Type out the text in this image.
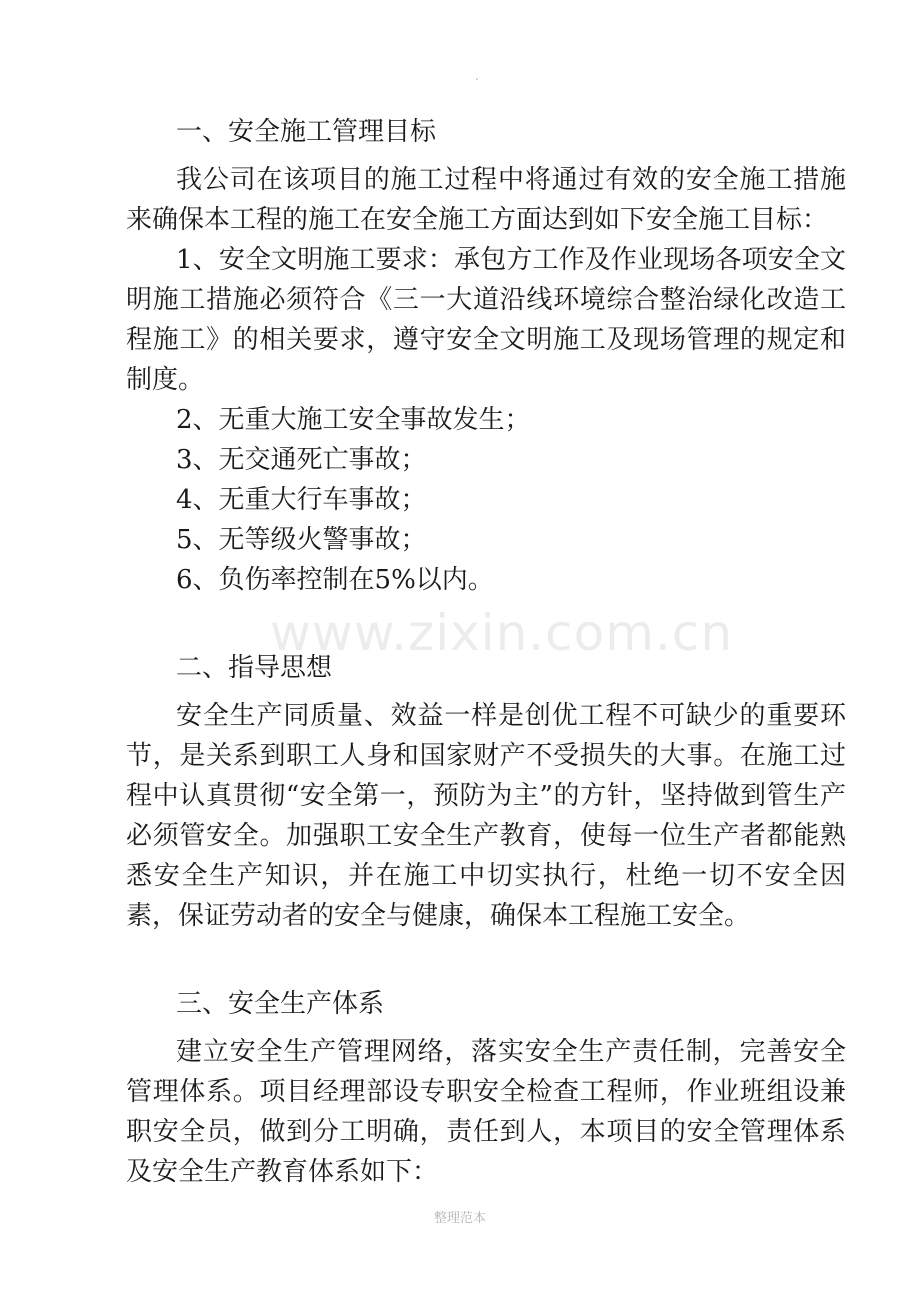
一、安全施工管理目标

我公司在该项目的施工过程中将通过有效的安全施工措施来确保本工程的施工在安全施工方面达到如下安全施工目标：

1、安全文明施工要求：承包方工作及作业现场各项安全文明施工措施必须符合《三一大道沿线环境综合整治绿化改造工程施工》的相关要求，遵守安全文明施工及现场管理的规定和制度。

2、无重大施工安全事故发生；

3、无交通死亡事故；

4、无重大行车事故；

5、无等级火警事故；

6、负伤率控制在5%以内。

二、指导思想

安全生产同质量、效益一样是创优工程不可缺少的重要环节，是关系到职工人身和国家财产不受损失的大事。在施工过程中认真贯彻“安全第一，预防为主”的方针，坚持做到管生产必须管安全。加强职工安全生产教育，使每一位生产者都能熟悉安全生产知识，并在施工中切实执行，杜绝一切不安全因素，保证劳动者的安全与健康，确保本工程施工安全。

三、安全生产体系

建立安全生产管理网络，落实安全生产责任制，完善安全管理体系。项目经理部设专职安全检查工程师，作业班组设兼职安全员，做到分工明确，责任到人，本项目的安全管理体系及安全生产教育体系如下：

www.zixin.com.cn
整理范本
